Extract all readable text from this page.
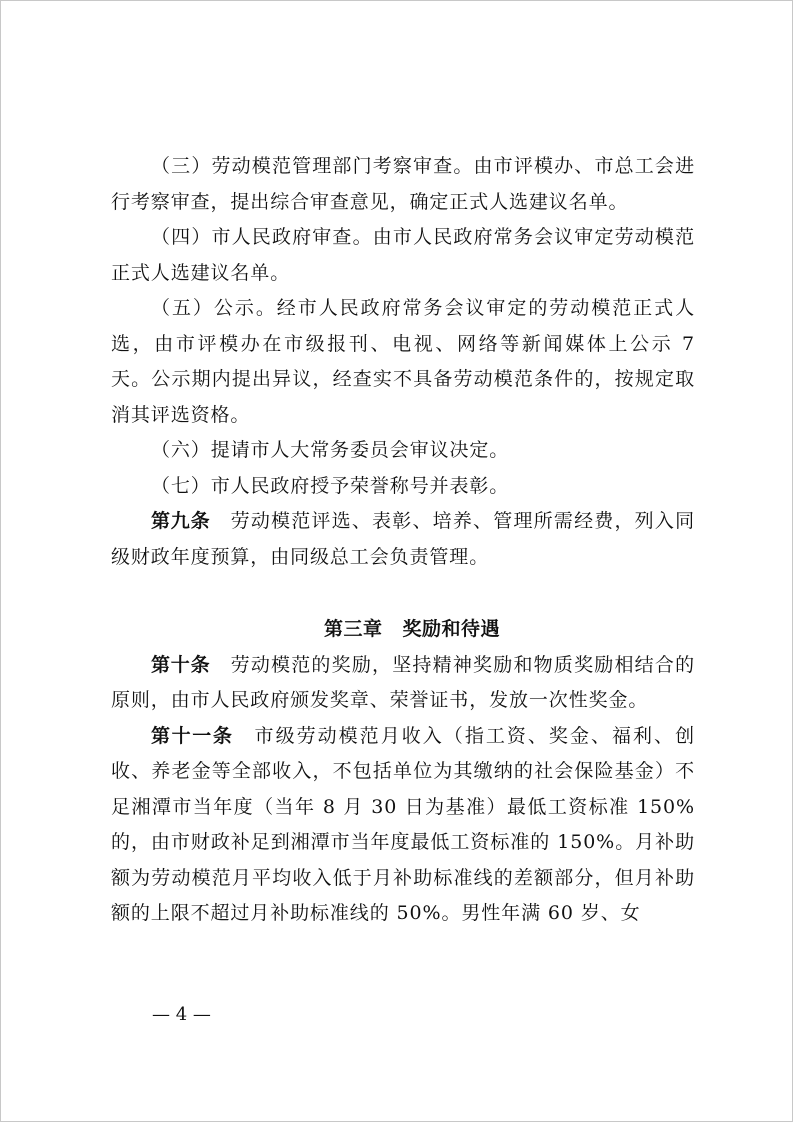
（三）劳动模范管理部门考察审查。由市评模办、市总工会进行考察审查，提出综合审查意见，确定正式人选建议名单。

（四）市人民政府审查。由市人民政府常务会议审定劳动模范正式人选建议名单。

（五）公示。经市人民政府常务会议审定的劳动模范正式人选，由市评模办在市级报刊、电视、网络等新闻媒体上公示 7 天。公示期内提出异议，经查实不具备劳动模范条件的，按规定取消其评选资格。

（六）提请市人大常务委员会审议决定。

（七）市人民政府授予荣誉称号并表彰。

第九条　 劳动模范评选、表彰、培养、管理所需经费，列入同级财政年度预算，由同级总工会负责管理。

第三章 奖励和待遇

第十条　 劳动模范的奖励，坚持精神奖励和物质奖励相结合的原则，由市人民政府颁发奖章、荣誉证书，发放一次性奖金。

第十一条　 市级劳动模范月收入（指工资、奖金、福利、创收、养老金等全部收入，不包括单位为其缴纳的社会保险基金）不足湘潭市当年度（当年 8 月 30 日为基准）最低工资标准 150% 的，由市财政补足到湘潭市当年度最低工资标准的 150%。月补助额为劳动模范月平均收入低于月补助标准线的差额部分，但月补助额的上限不超过月补助标准线的 50%。男性年满 60 岁、女

— 4 —
